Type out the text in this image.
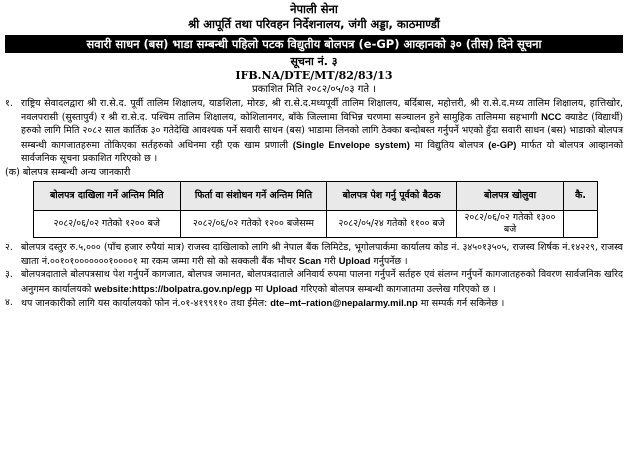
नेपाली सेना
श्री आपूर्ति तथा परिवहन निर्देशनालय, जंगी अड्डा, काठमाण्डौं
सवारी साधन (बस) भाडा सम्बन्धी पहिलो पटक विद्युतीय बोलपत्र (e-GP) आव्हानको ३० (तीस) दिने सूचना
सूचना नं. ३
IFB.NA/DTE/MT/82/83/13
प्रकाशित मिति २०८२/०५/०३ गते ।
१. राष्ट्रिय सेवादलद्वारा श्री रा.से.द. पूर्वी तालिम शिक्षालय, याङशिला, मोरङ, श्री रा.से.द.मध्यपूर्वी तालिम शिक्षालय, बर्दिबास, महोत्तरी, श्री रा.से.द.मध्य तालिम शिक्षालय, हात्तिखोर, नवलपरासी (सुस्तापुर्व) र श्री रा.से.द. पश्चिम तालिम शिक्षालय, कोशिलानगर, बाँके जिल्लामा विभिन्न चरणमा सञ्चालन हुने सामुहिक तालिममा सहभागी NCC क्याडेट (विद्यार्थी) हरुको लागि मिति २०८२ साल कार्तिक ३० गतेदेखि आवश्यक पर्ने सवारी साधन (बस) भाडामा लिनको लागि ठेक्का बन्दोबस्त गर्नुपर्ने भएको हुँदा सवारी साधन (बस) भाडाको बोलपत्र सम्बन्धी कागजातहरुमा तोकिएका सर्तहरुको अधिनमा रही एक खाम प्रणाली (Single Envelope system) मा विद्युतिय बोलपत्र (e-GP) मार्फत यो बोलपत्र आव्हानको सार्वजनिक सूचना प्रकाशित गरिएको छ ।
(क) बोलपत्र सम्बन्धी अन्य जानकारी
बोलपत्र दाखिला गर्ने अन्तिम मिति	फिर्ता वा संशोधन गर्ने अन्तिम मिति	बोलपत्र पेश गर्नु पूर्वको बैठक	बोलपत्र खोलुवा	कै.
२०८२/०६/०२ गतेको १२०० बजे	२०८२/०६/०२ गतेको १२०० बजेसम्म	२०८२/०५/२४ गतेको ११०० बजे	२०८२/०६/०२ गतेको १३०० बजे	
२. बोलपत्र दस्तुर रु.५,००० (पाँच हजार रुपैयां मात्र) राजस्व दाखिलाको लागि श्री नेपाल बैंक लिमिटेड, भूगोलपार्कमा कार्यालय कोड नं. ३४५०१३५०५, राजस्व शिर्षक नं.१४२२९, राजस्व खाता नं.००१०१०००००००१००००१ मा रकम जम्मा गरी सो को सक्कली बैंक भौचर Scan गरी Upload गर्नुपर्नेछ ।
३. बोलपत्रदाताले बोलपत्रसाथ पेश गर्नुपर्ने कागजात, बोलपत्र जमानत, बोलपत्रदाताले अनिवार्य रुपमा पालना गर्नुपर्ने सर्तहरु एवं संलग्न गर्नुपर्ने कागजातहरुको विवरण सार्वजनिक खरिद अनुगमन कार्यालयको website:https://bolpatra.gov.np/egp मा Upload गरिएको बोलपत्र सम्बन्धी कागजातमा उल्लेख गरिएको छ ।
४. थप जानकारीको लागि यस कार्यालयको फोन नं.०१-४१९९११० तथा ईमेल: dte–mt–ration@nepalarmy.mil.np मा सम्पर्क गर्न सकिनेछ ।
